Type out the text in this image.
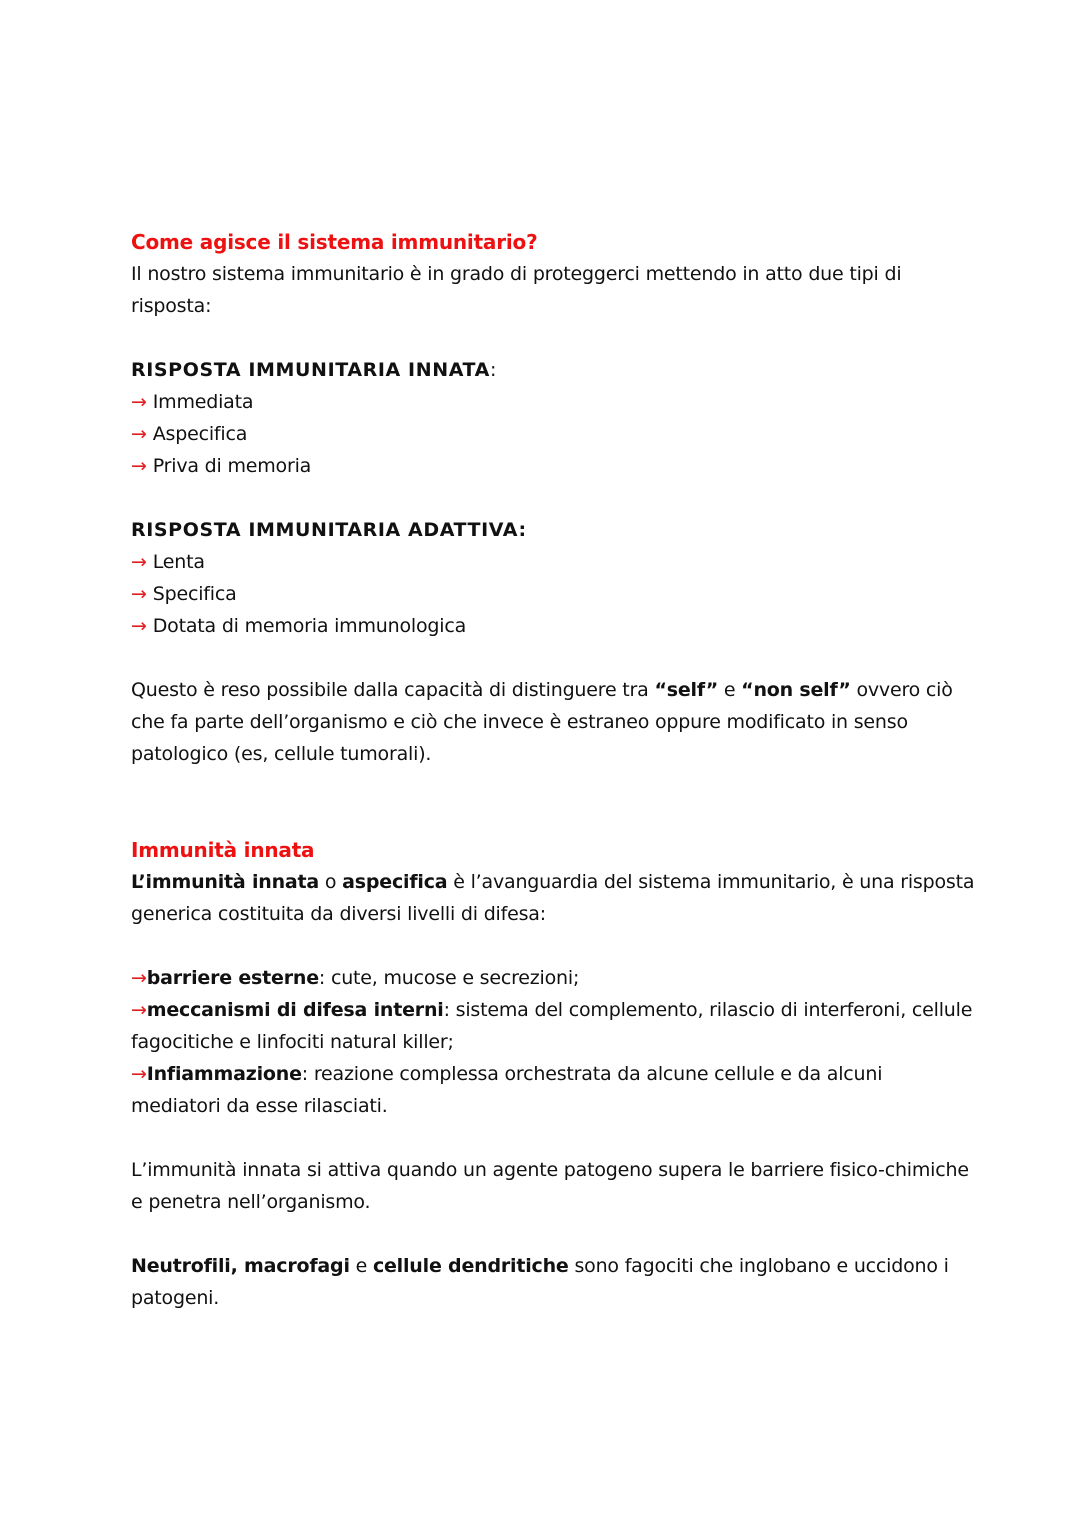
Come agisce il sistema immunitario?
Il nostro sistema immunitario è in grado di proteggerci mettendo in atto due tipi di
risposta:
RISPOSTA IMMUNITARIA INNATA:
→ Immediata
→ Aspecifica
→ Priva di memoria
RISPOSTA IMMUNITARIA ADATTIVA:
→ Lenta
→ Specifica
→ Dotata di memoria immunologica
Questo è reso possibile dalla capacità di distinguere tra “self” e “non self” ovvero ciò
che fa parte dell’organismo e ciò che invece è estraneo oppure modificato in senso
patologico (es, cellule tumorali).
Immunità innata
L’immunità innata o aspecifica è l’avanguardia del sistema immunitario, è una risposta
generica costituita da diversi livelli di difesa:
→barriere esterne: cute, mucose e secrezioni;
→meccanismi di difesa interni: sistema del complemento, rilascio di interferoni, cellule
fagocitiche e linfociti natural killer;
→Infiammazione: reazione complessa orchestrata da alcune cellule e da alcuni
mediatori da esse rilasciati.
L’immunità innata si attiva quando un agente patogeno supera le barriere fisico-chimiche
e penetra nell’organismo.
Neutrofili, macrofagi e cellule dendritiche sono fagociti che inglobano e uccidono i
patogeni.
